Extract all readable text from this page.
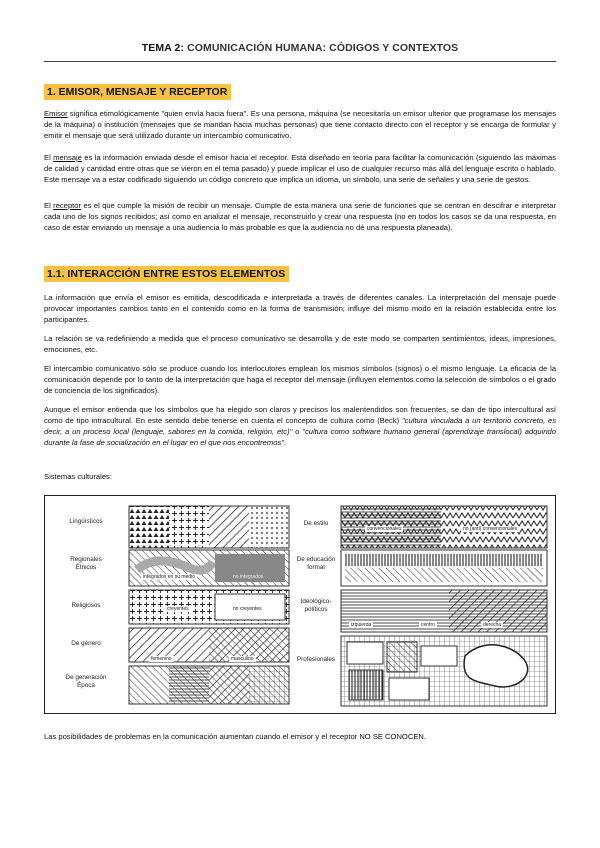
TEMA 2: COMUNICACIÓN HUMANA: CÓDIGOS Y CONTEXTOS
1. EMISOR, MENSAJE Y RECEPTOR
Emisor significa etimológicamente "quien envía hacia fuera". Es una persona, máquina (se necesitaría un emisor ulterior que programase los mensajes de la máquina) o institución (mensajes que se mandan hacia muchas personas) que tiene contacto directo con el receptor y se encarga de formular y emitir el mensaje que será utilizado durante un intercambio comunicativo.
El mensaje es la información enviada desde el emisor hacia el receptor. Está diseñado en teoría para facilitar la comunicación (siguiendo las máximas de calidad y cantidad entre otras que se vieron en el tema pasado) y puede implicar el uso de cualquier recurso más allá del lenguaje escrito o hablado. Este mensaje va a estar codificado siguiendo un código concreto que implica un idioma, un símbolo, una serie de señales y una serie de gestos.
El receptor es el que cumple la misión de recibir un mensaje. Cumple de esta manera una serie de funciones que se centran en descifrar e interpretar cada uno de los signos recibidos; así como en analizar el mensaje, reconstruirlo y crear una respuesta (no en todos los casos se da una respuesta, en caso de estar enviando un mensaje a una audiencia lo más probable es que la audiencia no dé una respuesta planeada).
1.1. INTERACCIÓN ENTRE ESTOS ELEMENTOS
La información que envía el emisor es emitida, descodificada e interpretada a través de diferentes canales. La interpretación del mensaje puede provocar importantes cambios tanto en el contenido como en la forma de transmisión; influye del mismo modo en la relación establecida entre los participantes.
La relación se va redefiniendo a medida que el proceso comunicativo se desarrolla y de este modo se comparten sentimientos, ideas, impresiones, emociones, etc.
El intercambio comunicativo sólo se produce cuando los interlocutores emplean los mismos símbolos (signos) o el mismo lenguaje. La eficacia de la comunicación depende por lo tanto de la interpretación que haga el receptor del mensaje (influyen elementos como la selección de símbolos o el grado de conciencia de los significados).
Aunque el emisor entienda que los símbolos que ha elegido son claros y precisos los malentendidos son frecuentes, se dan de tipo intercultural así como de tipo intracultural. En este sentido debe tenerse en cuenta el concepto de cultura como (Beck) "cultura vinculada a un territorio concreto, es decir, a un proceso local (lenguaje, sabores en la comida, religión, etc)" o "cultura como software humano general (aprendizaje translocal) adquirido durante la fase de socialización en el lugar en el que nos encontremos".
Sistemas culturales:
Lingüísticos
Regionales
Étnicos
Religiosos
De género
De generación
Época
De estilo
De educación
formal
Ideológico-
políticos
Profesionales
integrados en su medio	no integrados
creyentes	no creyentes
femenino	masculino
convencionales	no (anti) convencionales
izquierda	centro	derecha
Las posibilidades de problemas en la comunicación aumentan cuando el emisor y el receptor NO SE CONOCEN.
